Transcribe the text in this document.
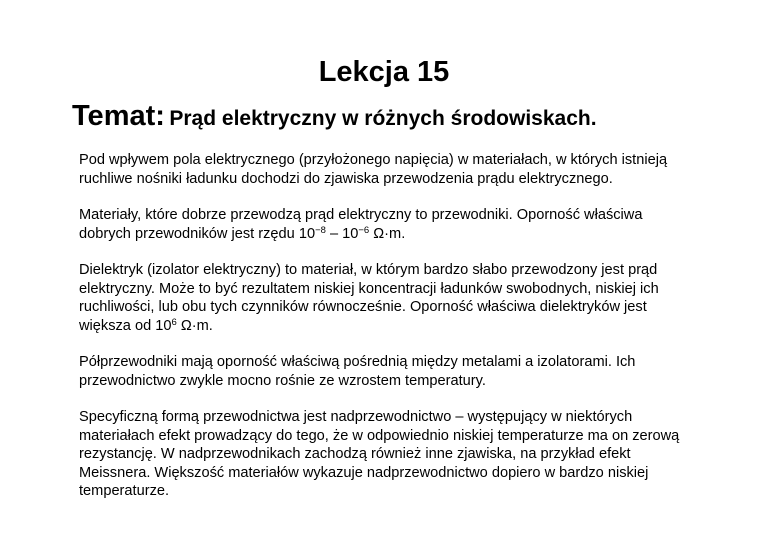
Lekcja 15
Temat: Prąd elektryczny w różnych środowiskach.

Pod wpływem pola elektrycznego (przyłożonego napięcia) w materiałach, w których istnieją ruchliwe nośniki ładunku dochodzi do zjawiska przewodzenia prądu elektrycznego.

Materiały, które dobrze przewodzą prąd elektryczny to przewodniki. Oporność właściwa dobrych przewodników jest rzędu $10^{-8} - 10^{-6}$ Ω·m.

Dielektryk (izolator elektryczny) to materiał, w którym bardzo słabo przewodzony jest prąd elektryczny. Może to być rezultatem niskiej koncentracji ładunków swobodnych, niskiej ich ruchliwości, lub obu tych czynników równocześnie. Oporność właściwa dielektryków jest większa od $10^6$ Ω·m.

Półprzewodniki mają oporność właściwą pośrednią między metalami a izolatorami. Ich przewodnictwo zwykle mocno rośnie ze wzrostem temperatury.

Specyficzną formą przewodnictwa jest nadprzewodnictwo – występujący w niektórych materiałach efekt prowadzący do tego, że w odpowiednio niskiej temperaturze ma on zerową rezystancję. W nadprzewodnikach zachodzą również inne zjawiska, na przykład efekt Meissnera. Większość materiałów wykazuje nadprzewodnictwo dopiero w bardzo niskiej temperaturze.
